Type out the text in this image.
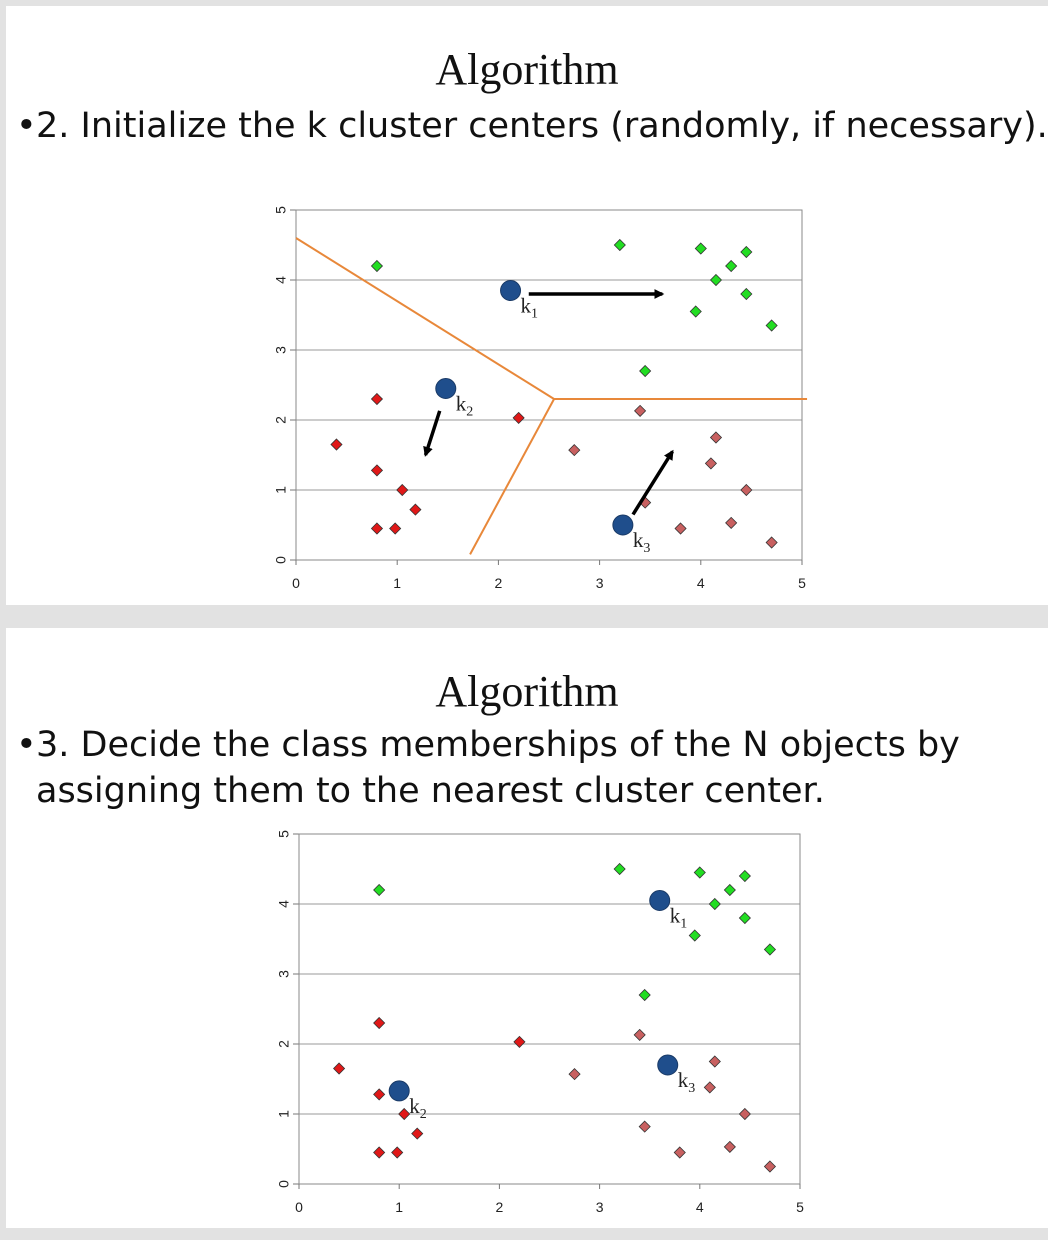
Algorithm
•2. Initialize the k cluster centers (randomly, if necessary).
0
1
2
3
4
5
0	1	2	3	4	5
$k_1$
$k_2$
$k_3$
Algorithm
•3. Decide the class memberships of the N objects by
assigning them to the nearest cluster center.
0
1
2
3
4
5
0	1	2	3	4	5
$k_1$
$k_2$
$k_3$
